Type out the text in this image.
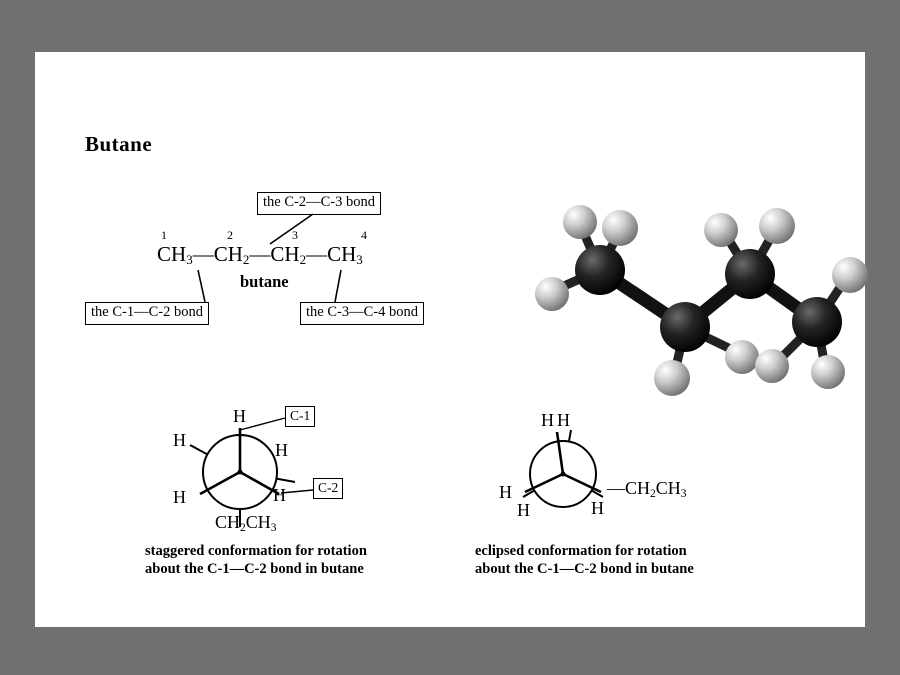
Butane
the C-2—C-3 bond
the C-1—C-2 bond	the C-3—C-4 bond
1	2	3	4
$CH_3—CH_2—CH_2—CH_3$
butane
H
H	H
H	H
$CH_2CH_3$
C-1
C-2
staggered conformation for rotation
about the C-1—C-2 bond in butane
H H
H
H	H
$—CH_2CH_3$
eclipsed conformation for rotation
about the C-1—C-2 bond in butane
